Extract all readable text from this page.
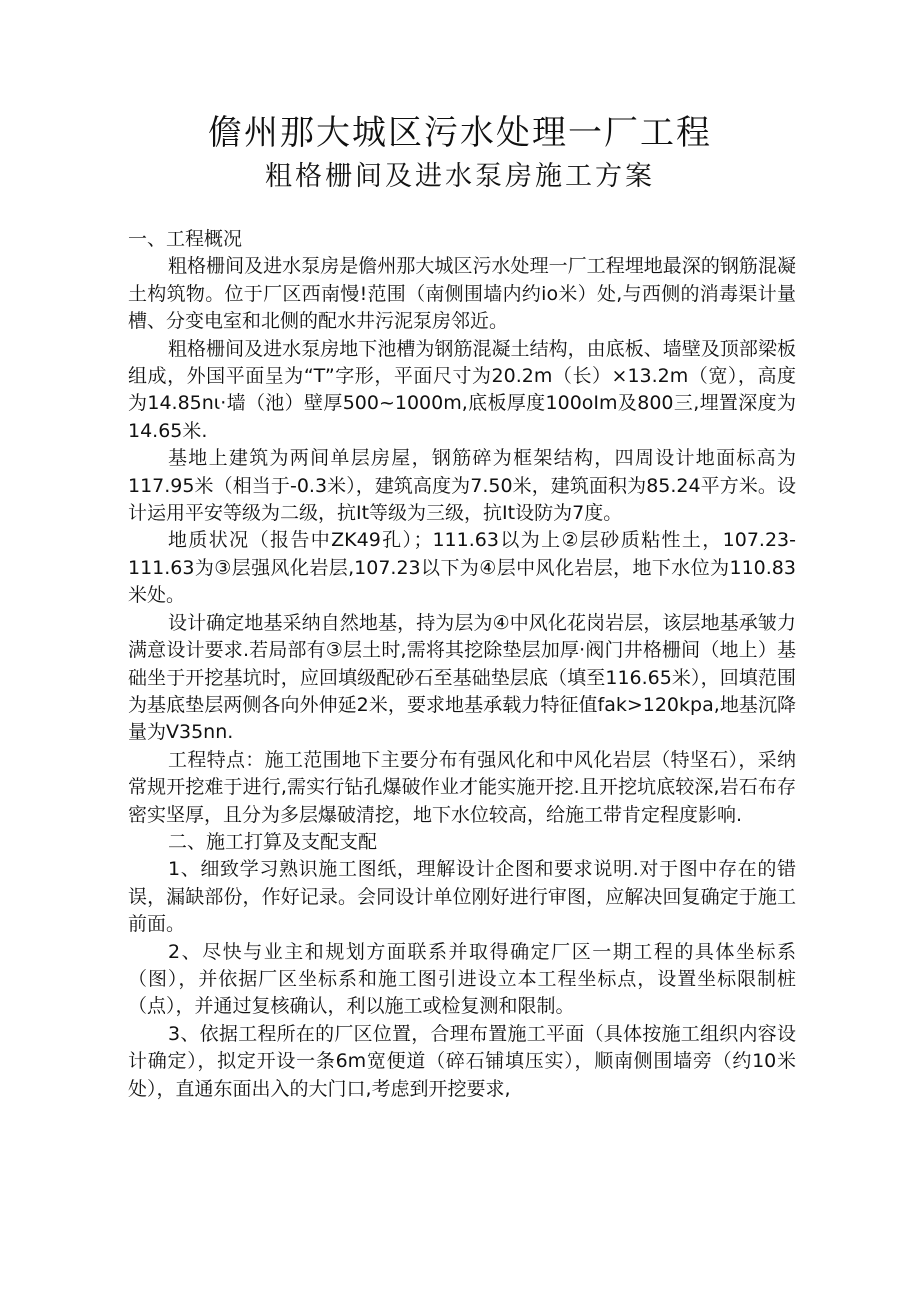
儋州那大城区污水处理一厂工程
粗格栅间及进水泵房施工方案

一、工程概况

粗格栅间及进水泵房是儋州那大城区污水处理一厂工程埋地最深的钢筋混凝土构筑物。位于厂区西南慢!范围（南侧围墙内约io米）处,与西侧的消毒渠计量槽、分变电室和北侧的配水井污泥泵房邻近。

粗格栅间及进水泵房地下池槽为钢筋混凝土结构，由底板、墙壁及顶部梁板组成，外国平面呈为“T”字形，平面尺寸为20.2m（长）×13.2m（宽），高度为14.85nι·墙（池）壁厚500~1000m,底板厚度100oIm及800三,埋置深度为14.65米.

基地上建筑为两间单层房屋，钢筋碎为框架结构，四周设计地面标高为117.95米（相当于-0.3米），建筑高度为7.50米，建筑面积为85.24平方米。设计运用平安等级为二级，抗It等级为三级，抗It设防为7度。

地质状况（报告中ZK49孔）；111.63以为上②层砂质粘性土，107.23-111.63为③层强风化岩层,107.23以下为④层中风化岩层，地下水位为110.83米处。

设计确定地基采纳自然地基，持为层为④中风化花岗岩层，该层地基承皱力满意设计要求.若局部有③层土时,需将其挖除垫层加厚·阀门井格栅间（地上）基础坐于开挖基坑时，应回填级配砂石至基础垫层底（填至116.65米），回填范围为基底垫层两侧各向外伸延2米，要求地基承载力特征值fak>120kpa,地基沉降量为V35nn.

工程特点：施工范围地下主要分布有强风化和中风化岩层（特坚石），采纳常规开挖难于进行,需实行钻孔爆破作业才能实施开挖.且开挖坑底较深,岩石布存密实坚厚，且分为多层爆破清挖，地下水位较高，给施工带肯定程度影响.

二、施工打算及支配支配

1、细致学习熟识施工图纸，理解设计企图和要求说明.对于图中存在的错误，漏缺部份，作好记录。会同设计单位刚好进行审图，应解决回复确定于施工前面。

2、尽快与业主和规划方面联系并取得确定厂区一期工程的具体坐标系（图），并依据厂区坐标系和施工图引进设立本工程坐标点，设置坐标限制桩（点），并通过复核确认，利以施工或检复测和限制。

3、依据工程所在的厂区位置，合理布置施工平面（具体按施工组织内容设计确定），拟定开设一条6m宽便道（碎石铺填压实），顺南侧围墙旁（约10米处），直通东面出入的大门口,考虑到开挖要求,
